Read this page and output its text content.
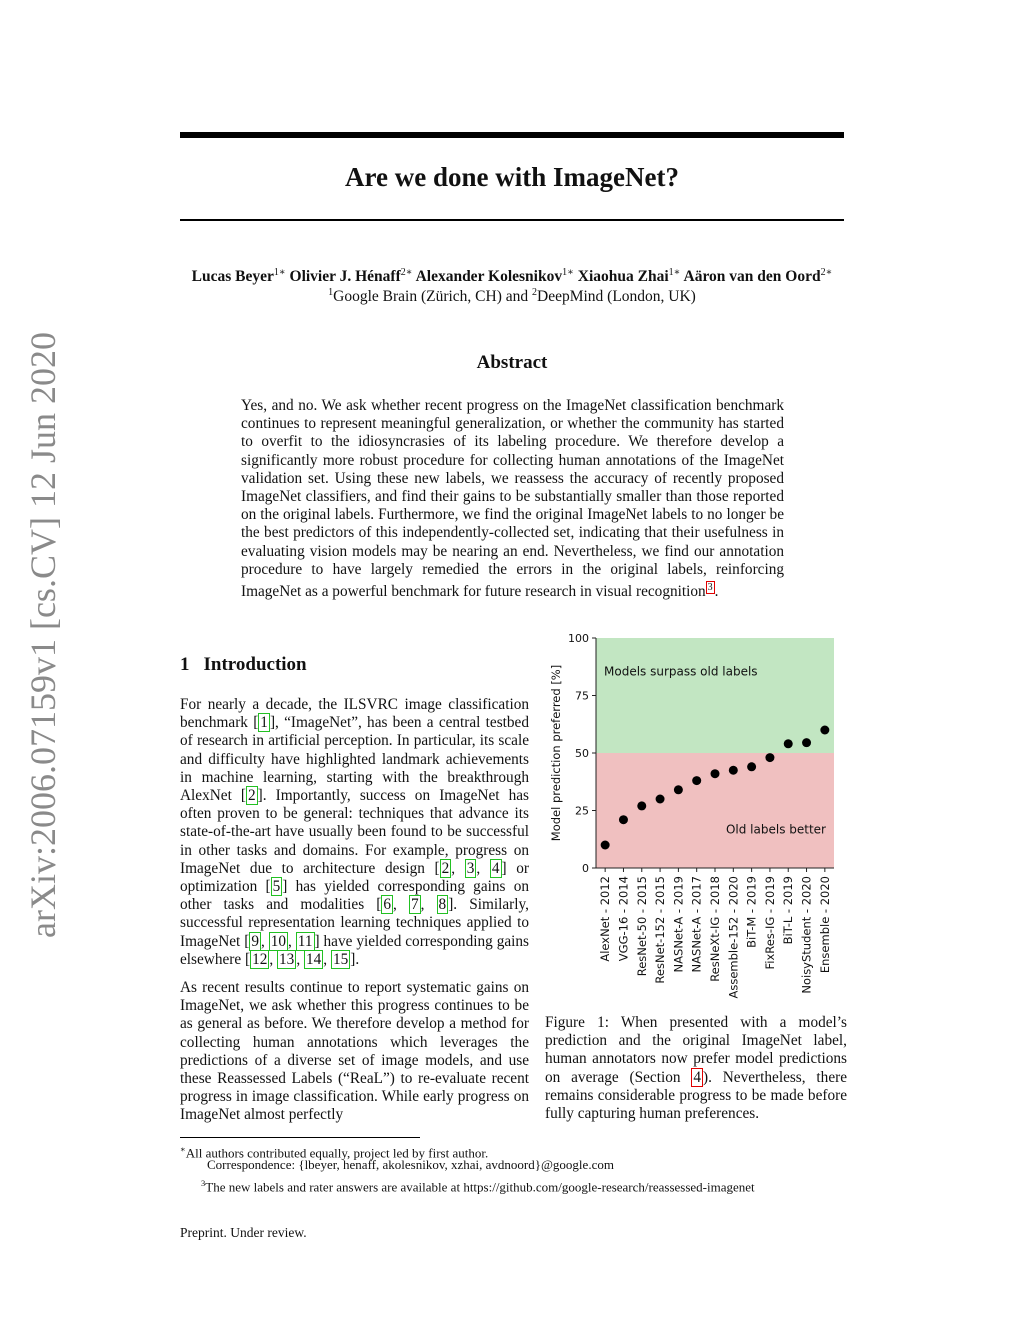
arXiv:2006.07159v1 [cs.CV] 12 Jun 2020
Are we done with ImageNet?
Lucas Beyer$^{1∗}$ Olivier J. Hénaff$^{2∗}$ Alexander Kolesnikov$^{1∗}$ Xiaohua Zhai$^{1∗}$ Aäron van den Oord$^{2∗}$
$^1$Google Brain (Zürich, CH) and $^2$DeepMind (London, UK)
Abstract

Yes, and no. We ask whether recent progress on the ImageNet classification benchmark continues to represent meaningful generalization, or whether the community has started to overfit to the idiosyncrasies of its labeling procedure. We therefore develop a significantly more robust procedure for collecting human annotations of the ImageNet validation set. Using these new labels, we reassess the accuracy of recently proposed ImageNet classifiers, and find their gains to be substantially smaller than those reported on the original labels. Furthermore, we find the original ImageNet labels to no longer be the best predictors of this independently-collected set, indicating that their usefulness in evaluating vision models may be nearing an end. Nevertheless, we find our annotation procedure to have largely remedied the errors in the original labels, reinforcing ImageNet as a powerful benchmark for future research in visual recognition $^3$ .

1 Introduction

For nearly a decade, the ILSVRC image classification benchmark [ 1 ], “ImageNet”, has been a central testbed of research in artificial perception. In particular, its scale and difficulty have highlighted landmark achievements in machine learning, starting with the breakthrough AlexNet [ 2 ]. Importantly, success on ImageNet has often proven to be general: techniques that advance its state-of-the-art have usually been found to be successful in other tasks and domains. For example, progress on ImageNet due to architecture design [ 2 , 3 , 4 ] or optimization [ 5 ] has yielded corresponding gains on other tasks and modalities [ 6 , 7 , 8 ]. Similarly, successful representation learning techniques applied to ImageNet [ 9 , 10 , 11 ] have yielded corresponding gains elsewhere [ 12 , 13 , 14 , 15 ].

As recent results continue to report systematic gains on ImageNet, we ask whether this progress continues to be as general as before. We therefore develop a method for collecting human annotations which leverages the predictions of a diverse set of image models, and use these Reassessed Labels (“ReaL”) to re-evaluate recent progress in image classification. While early progress on ImageNet almost perfectly

Models surpass old labels
Old labels better
0
25
50
75
100
Model prediction preferred [%]
AlexNet - 2012 VGG-16 - 2014 ResNet-50 - 2015 ResNet-152 - 2015 NASNet-A - 2019 NASNet-A - 2017 ResNeXt-IG - 2018 Assemble-152 - 2020 BiT-M - 2019 FixRes-IG - 2019 BiT-L - 2019 NoisyStudent - 2020 Ensemble - 2020

Figure 1: When presented with a model’s prediction and the original ImageNet label, human annotators now prefer model predictions on average (Section 4 ). Nevertheless, there remains considerable progress to be made before fully capturing human preferences.

∗All authors contributed equally, project led by first author.

Correspondence: {lbeyer, henaff, akolesnikov, xzhai, avdnoord}@google.com

$^3$The new labels and rater answers are available at https://github.com/google-research/reassessed-imagenet

Preprint. Under review.
